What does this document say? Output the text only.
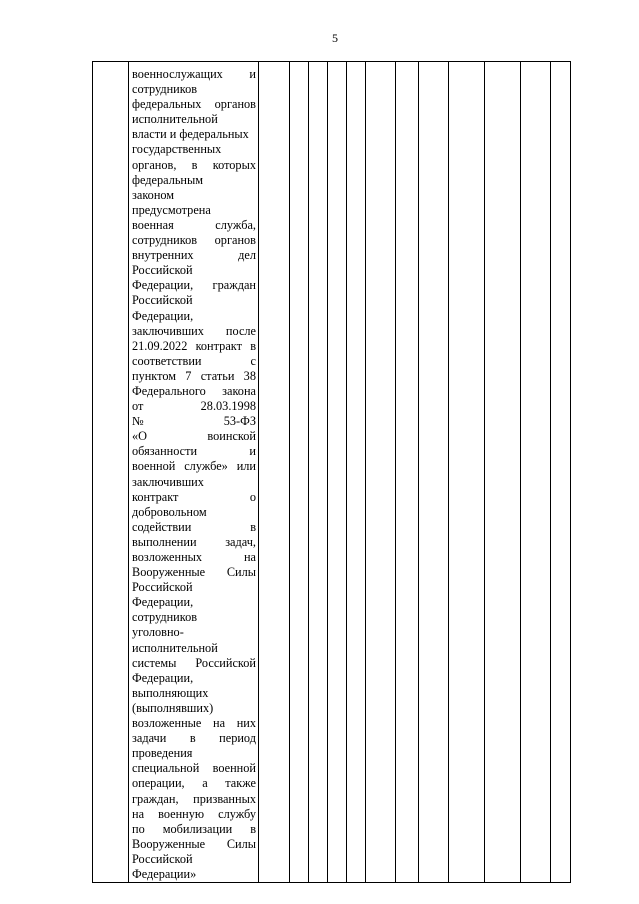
5

военнослужащих и
сотрудников
федеральных органов
исполнительной
власти и федеральных
государственных
органов, в которых
федеральным
законом
предусмотрена
военная	служба,
сотрудников органов
внутренних	дел
Российской
Федерации, граждан
Российской
Федерации,
заключивших после
21.09.2022 контракт в
соответствии	с
пунктом 7 статьи 38
Федерального закона
от	28.03.1998
№	53-ФЗ
«О	воинской
обязанности	и
военной службе» или
заключивших
контракт	о
добровольном
содействии	в
выполнении задач,
возложенных	на
Вооруженные Силы
Российской
Федерации,
сотрудников
уголовно-
исполнительной
системы Российской
Федерации,
выполняющих
(выполнявших)
возложенные на них
задачи в период
проведения
специальной военной
операции, а также
граждан, призванных
на военную службу
по мобилизации в
Вооруженные Силы
Российской
Федерации»
